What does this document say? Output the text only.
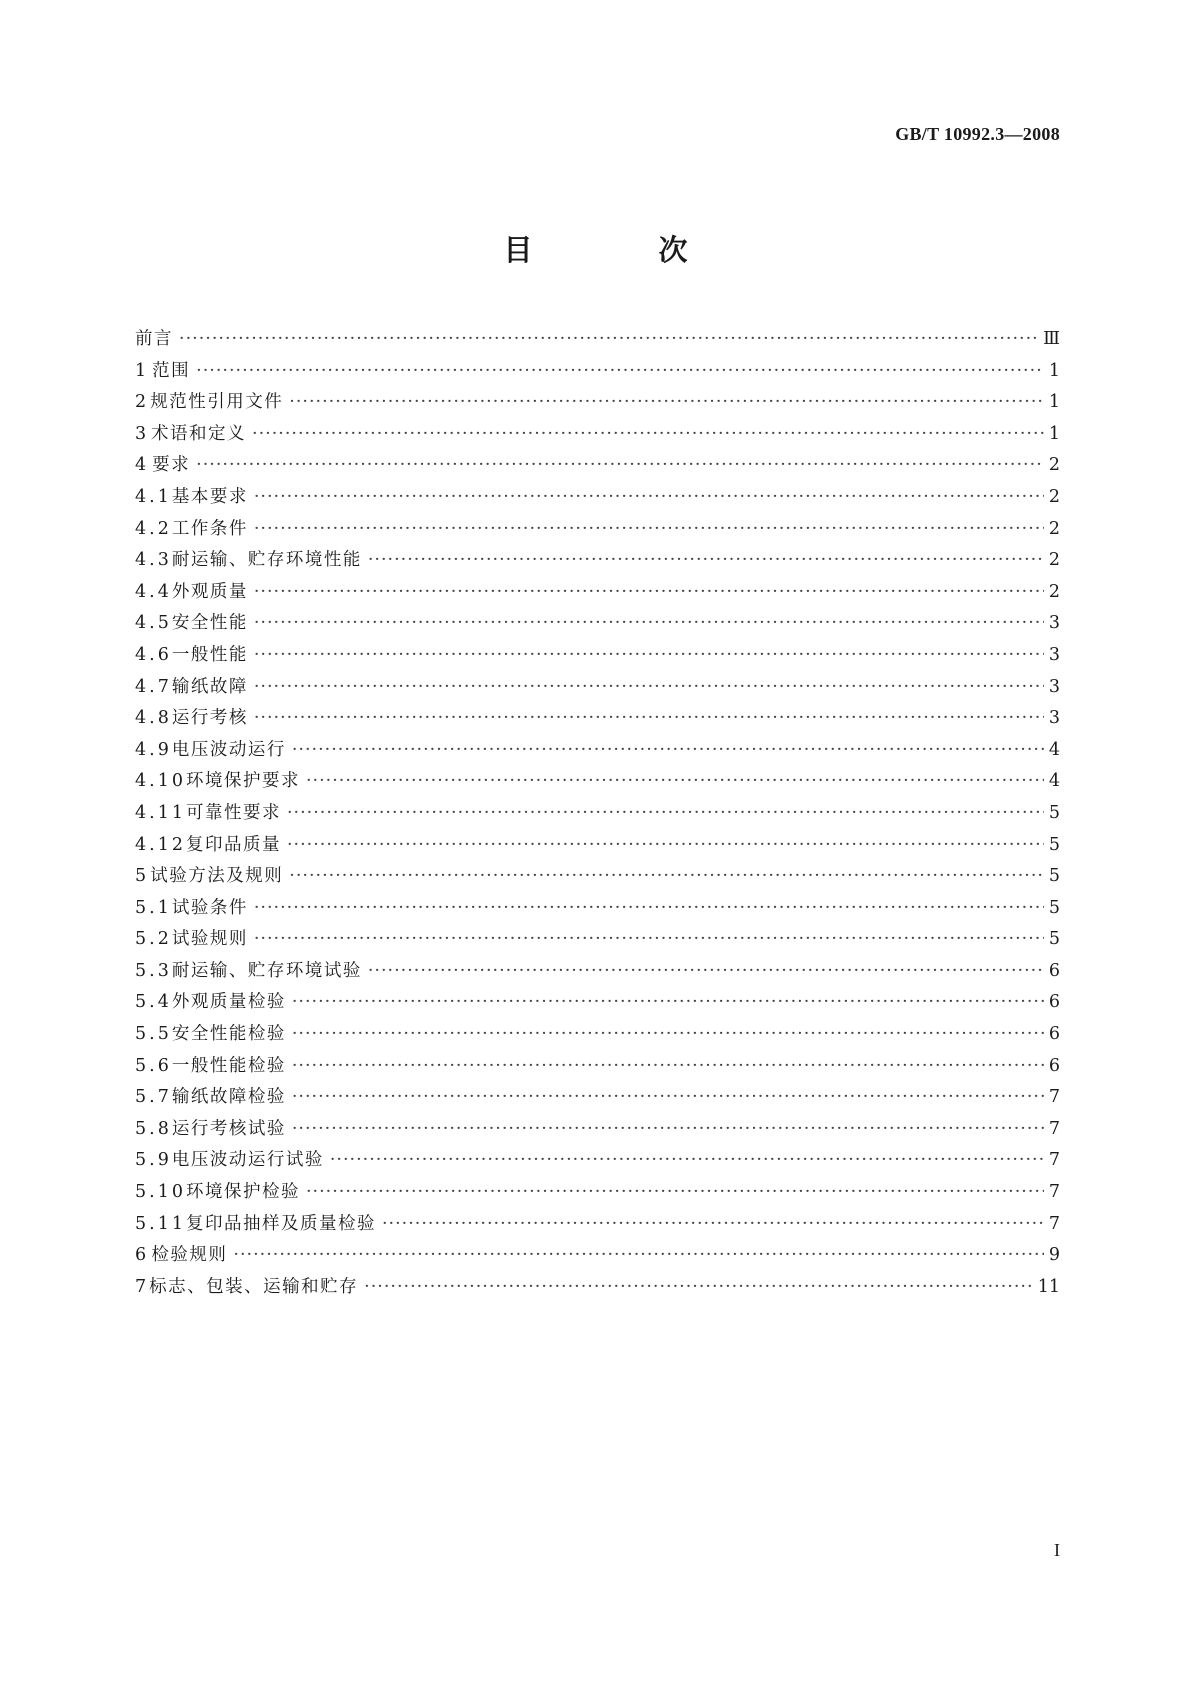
GB/T 10992.3—2008
目 次
前言 ·····	Ⅲ
1 范围 ·····	1
2 规范性引用文件 ·····	1
3 术语和定义 ·····	1
4 要求 ·····	2
4.1 基本要求 ·····	2
4.2 工作条件 ·····	2
4.3 耐运输、贮存环境性能 ·····	2
4.4 外观质量 ·····	2
4.5 安全性能 ·····	3
4.6 一般性能 ·····	3
4.7 输纸故障 ·····	3
4.8 运行考核 ·····	3
4.9 电压波动运行 ·····	4
4.10 环境保护要求 ·····	4
4.11 可靠性要求 ·····	5
4.12 复印品质量 ·····	5
5 试验方法及规则 ·····	5
5.1 试验条件 ·····	5
5.2 试验规则 ·····	5
5.3 耐运输、贮存环境试验 ·····	6
5.4 外观质量检验 ·····	6
5.5 安全性能检验 ·····	6
5.6 一般性能检验 ·····	6
5.7 输纸故障检验 ·····	7
5.8 运行考核试验 ·····	7
5.9 电压波动运行试验 ·····	7
5.10 环境保护检验 ·····	7
5.11 复印品抽样及质量检验 ·····	7
6 检验规则 ·····	9
7 标志、包装、运输和贮存 ·····	11
I
